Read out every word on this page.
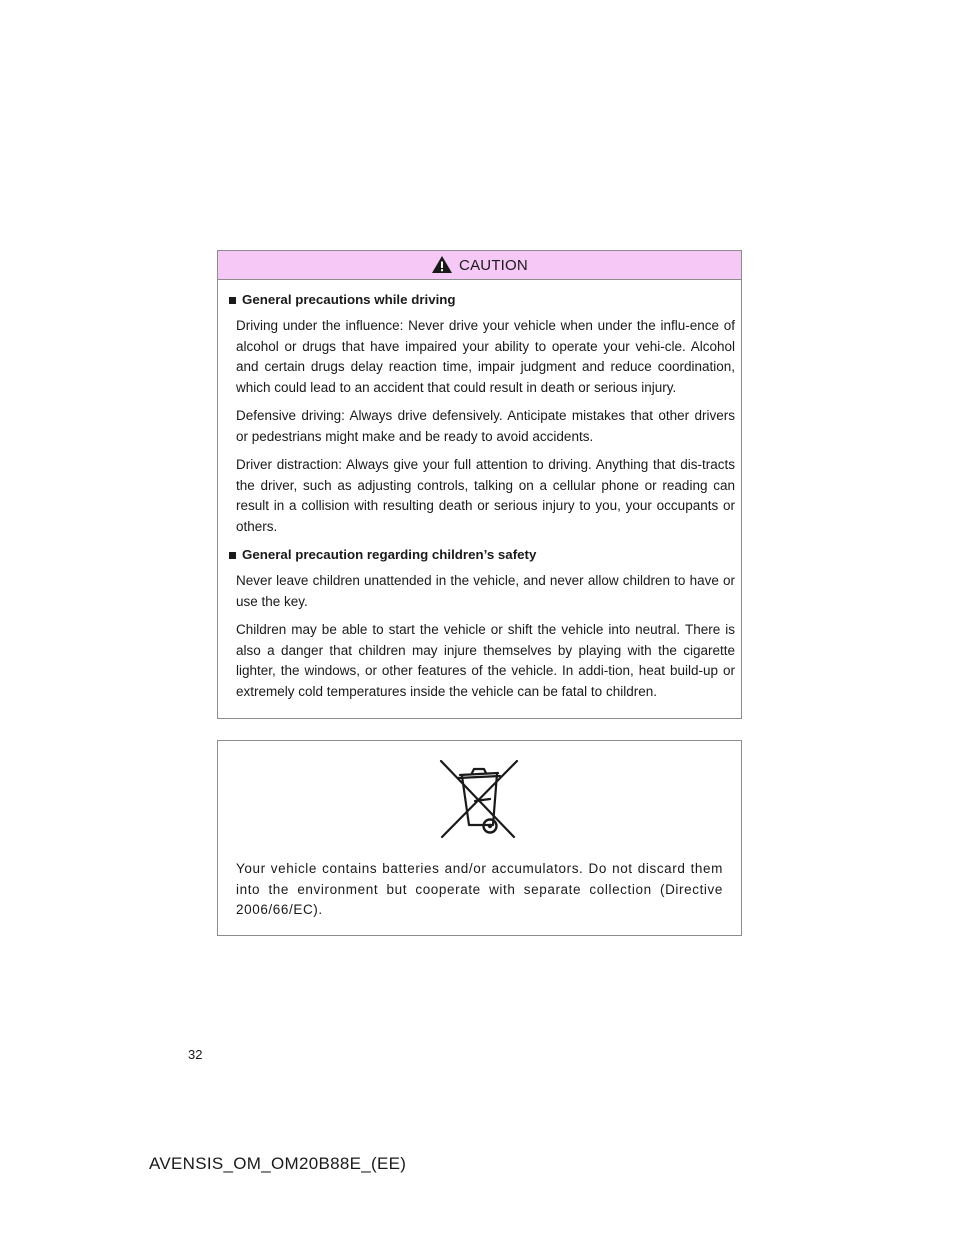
CAUTION
General precautions while driving

Driving under the influence: Never drive your vehicle when under the influ-ence of alcohol or drugs that have impaired your ability to operate your vehi-cle. Alcohol and certain drugs delay reaction time, impair judgment and reduce coordination, which could lead to an accident that could result in death or serious injury.

Defensive driving: Always drive defensively. Anticipate mistakes that other drivers or pedestrians might make and be ready to avoid accidents.

Driver distraction: Always give your full attention to driving. Anything that dis-tracts the driver, such as adjusting controls, talking on a cellular phone or reading can result in a collision with resulting death or serious injury to you, your occupants or others.

General precaution regarding children’s safety

Never leave children unattended in the vehicle, and never allow children to have or use the key.

Children may be able to start the vehicle or shift the vehicle into neutral. There is also a danger that children may injure themselves by playing with the cigarette lighter, the windows, or other features of the vehicle. In addi-tion, heat build-up or extremely cold temperatures inside the vehicle can be fatal to children.

Your vehicle contains batteries and/or accumulators. Do not discard them into the environment but cooperate with separate collection (Directive 2006/66/EC).
32
AVENSIS_OM_OM20B88E_(EE)
